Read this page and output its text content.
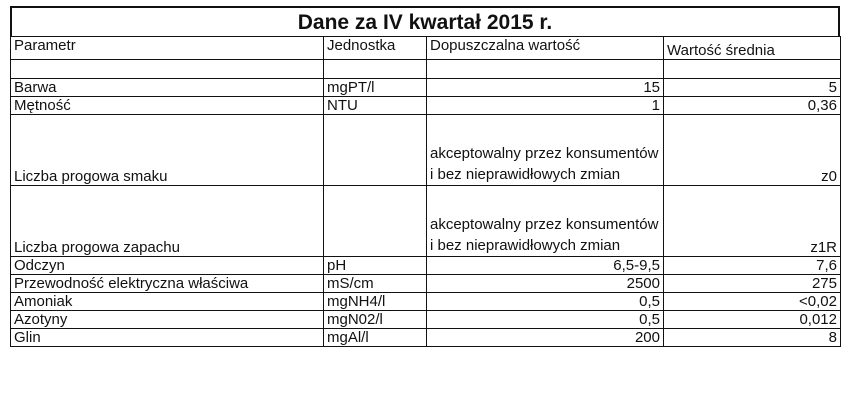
Dane za IV kwartał 2015 r.
Parametr	Jednostka	Dopuszczalna wartość	Wartość średnia

Barwa	mgPT/l	15	5
Mętność	NTU	1	0,36
Liczba progowa smaku		akceptowalny przez konsumentów i bez nieprawidłowych zmian	z0
Liczba progowa zapachu		akceptowalny przez konsumentów i bez nieprawidłowych zmian	z1R
Odczyn	pH	6,5-9,5	7,6
Przewodność elektryczna właściwa	mS/cm	2500	275
Amoniak	mgNH4/l	0,5	<0,02
Azotyny	mgN02/l	0,5	0,012
Glin	mgAl/l	200	8
